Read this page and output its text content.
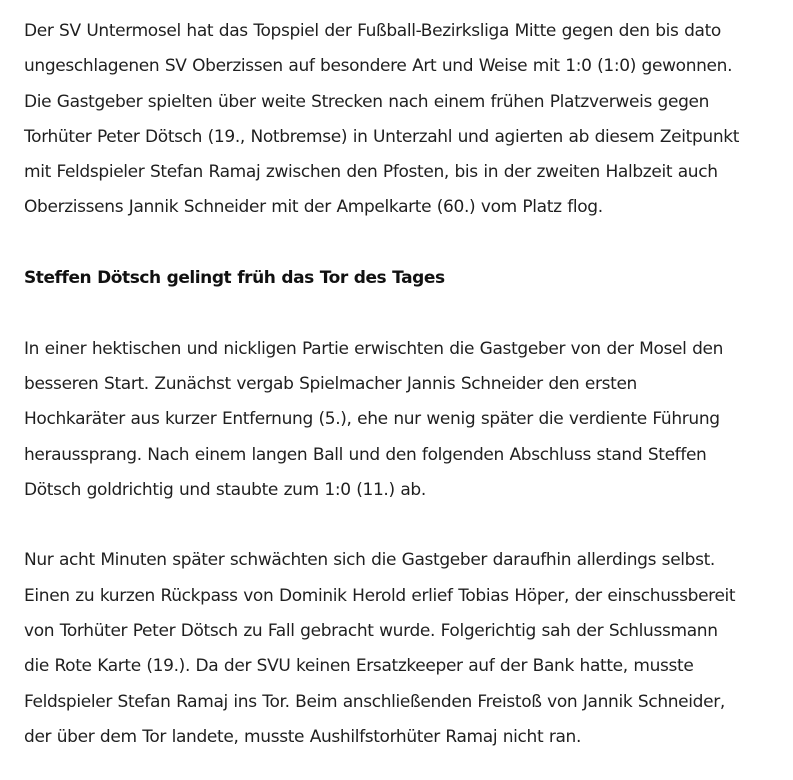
Der SV Untermosel hat das Topspiel der Fußball-Bezirksliga Mitte gegen den bis dato
ungeschlagenen SV Oberzissen auf besondere Art und Weise mit 1:0 (1:0) gewonnen.
Die Gastgeber spielten über weite Strecken nach einem frühen Platzverweis gegen
Torhüter Peter Dötsch (19., Notbremse) in Unterzahl und agierten ab diesem Zeitpunkt
mit Feldspieler Stefan Ramaj zwischen den Pfosten, bis in der zweiten Halbzeit auch
Oberzissens Jannik Schneider mit der Ampelkarte (60.) vom Platz flog.

Steffen Dötsch gelingt früh das Tor des Tages

In einer hektischen und nickligen Partie erwischten die Gastgeber von der Mosel den
besseren Start. Zunächst vergab Spielmacher Jannis Schneider den ersten
Hochkaräter aus kurzer Entfernung (5.), ehe nur wenig später die verdiente Führung
heraussprang. Nach einem langen Ball und den folgenden Abschluss stand Steffen
Dötsch goldrichtig und staubte zum 1:0 (11.) ab.

Nur acht Minuten später schwächten sich die Gastgeber daraufhin allerdings selbst.
Einen zu kurzen Rückpass von Dominik Herold erlief Tobias Höper, der einschussbereit
von Torhüter Peter Dötsch zu Fall gebracht wurde. Folgerichtig sah der Schlussmann
die Rote Karte (19.). Da der SVU keinen Ersatzkeeper auf der Bank hatte, musste
Feldspieler Stefan Ramaj ins Tor. Beim anschließenden Freistoß von Jannik Schneider,
der über dem Tor landete, musste Aushilfstorhüter Ramaj nicht ran.
